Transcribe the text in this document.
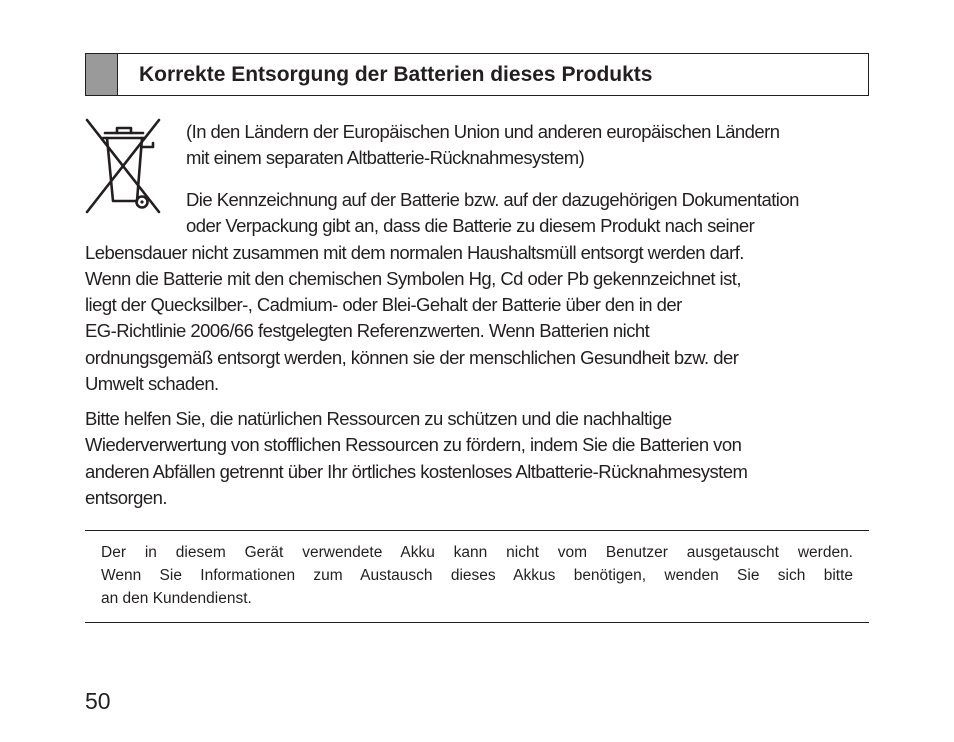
Korrekte Entsorgung der Batterien dieses Produkts

(In den Ländern der Europäischen Union und anderen europäischen Ländern
mit einem separaten Altbatterie-Rücknahmesystem)

Die Kennzeichnung auf der Batterie bzw. auf der dazugehörigen Dokumentation
oder Verpackung gibt an, dass die Batterie zu diesem Produkt nach seiner

Lebensdauer nicht zusammen mit dem normalen Haushaltsmüll entsorgt werden darf.
Wenn die Batterie mit den chemischen Symbolen Hg, Cd oder Pb gekennzeichnet ist,
liegt der Quecksilber-, Cadmium- oder Blei-Gehalt der Batterie über den in der
EG-Richtlinie 2006/66 festgelegten Referenzwerten. Wenn Batterien nicht
ordnungsgemäß entsorgt werden, können sie der menschlichen Gesundheit bzw. der
Umwelt schaden.

Bitte helfen Sie, die natürlichen Ressourcen zu schützen und die nachhaltige
Wiederverwertung von stofflichen Ressourcen zu fördern, indem Sie die Batterien von
anderen Abfällen getrennt über Ihr örtliches kostenloses Altbatterie-Rücknahmesystem
entsorgen.

Der in diesem Gerät verwendete Akku kann nicht vom Benutzer ausgetauscht werden.
Wenn Sie Informationen zum Austausch dieses Akkus benötigen, wenden Sie sich bitte
an den Kundendienst.
50
